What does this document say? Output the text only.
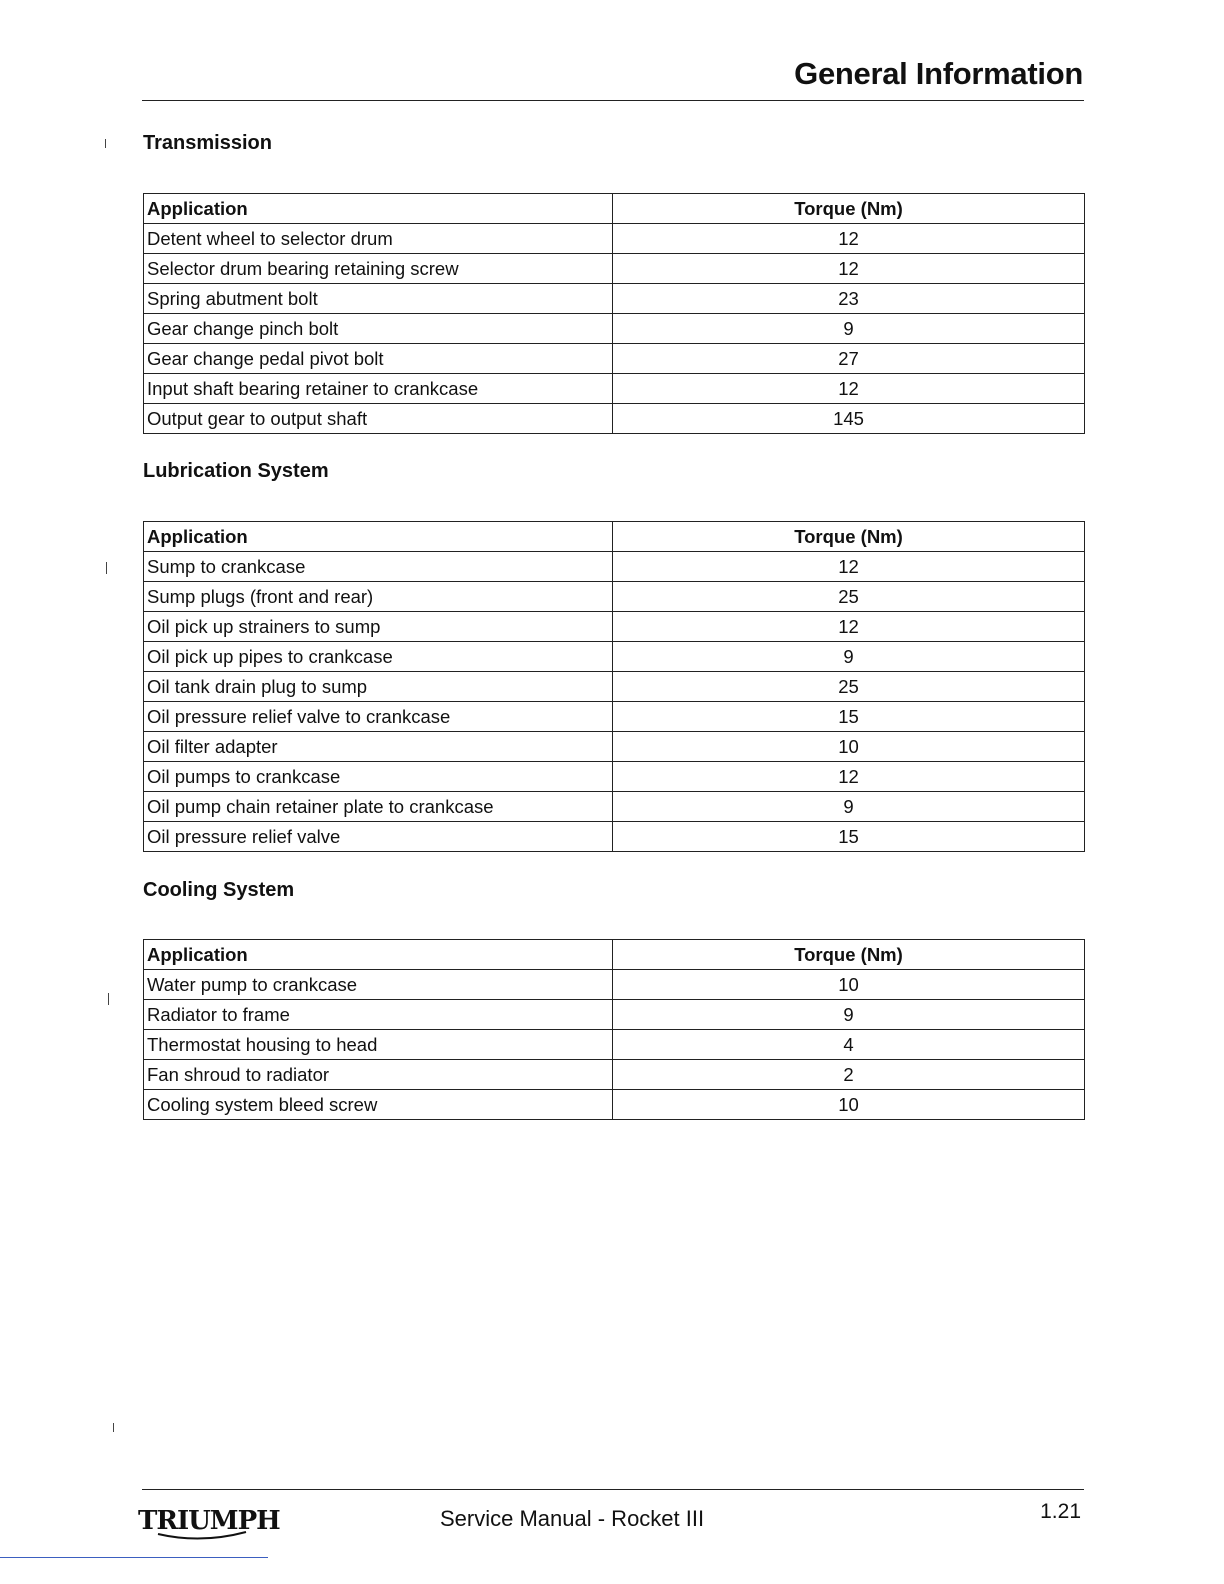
General Information
Transmission
Application	Torque (Nm)
Detent wheel to selector drum	12
Selector drum bearing retaining screw	12
Spring abutment bolt	23
Gear change pinch bolt	9
Gear change pedal pivot bolt	27
Input shaft bearing retainer to crankcase	12
Output gear to output shaft	145
Lubrication System
Application	Torque (Nm)
Sump to crankcase	12
Sump plugs (front and rear)	25
Oil pick up strainers to sump	12
Oil pick up pipes to crankcase	9
Oil tank drain plug to sump	25
Oil pressure relief valve to crankcase	15
Oil filter adapter	10
Oil pumps to crankcase	12
Oil pump chain retainer plate to crankcase	9
Oil pressure relief valve	15
Cooling System
Application	Torque (Nm)
Water pump to crankcase	10
Radiator to frame	9
Thermostat housing to head	4
Fan shroud to radiator	2
Cooling system bleed screw	10
TRIUMPH	Service Manual - Rocket III	1.21
